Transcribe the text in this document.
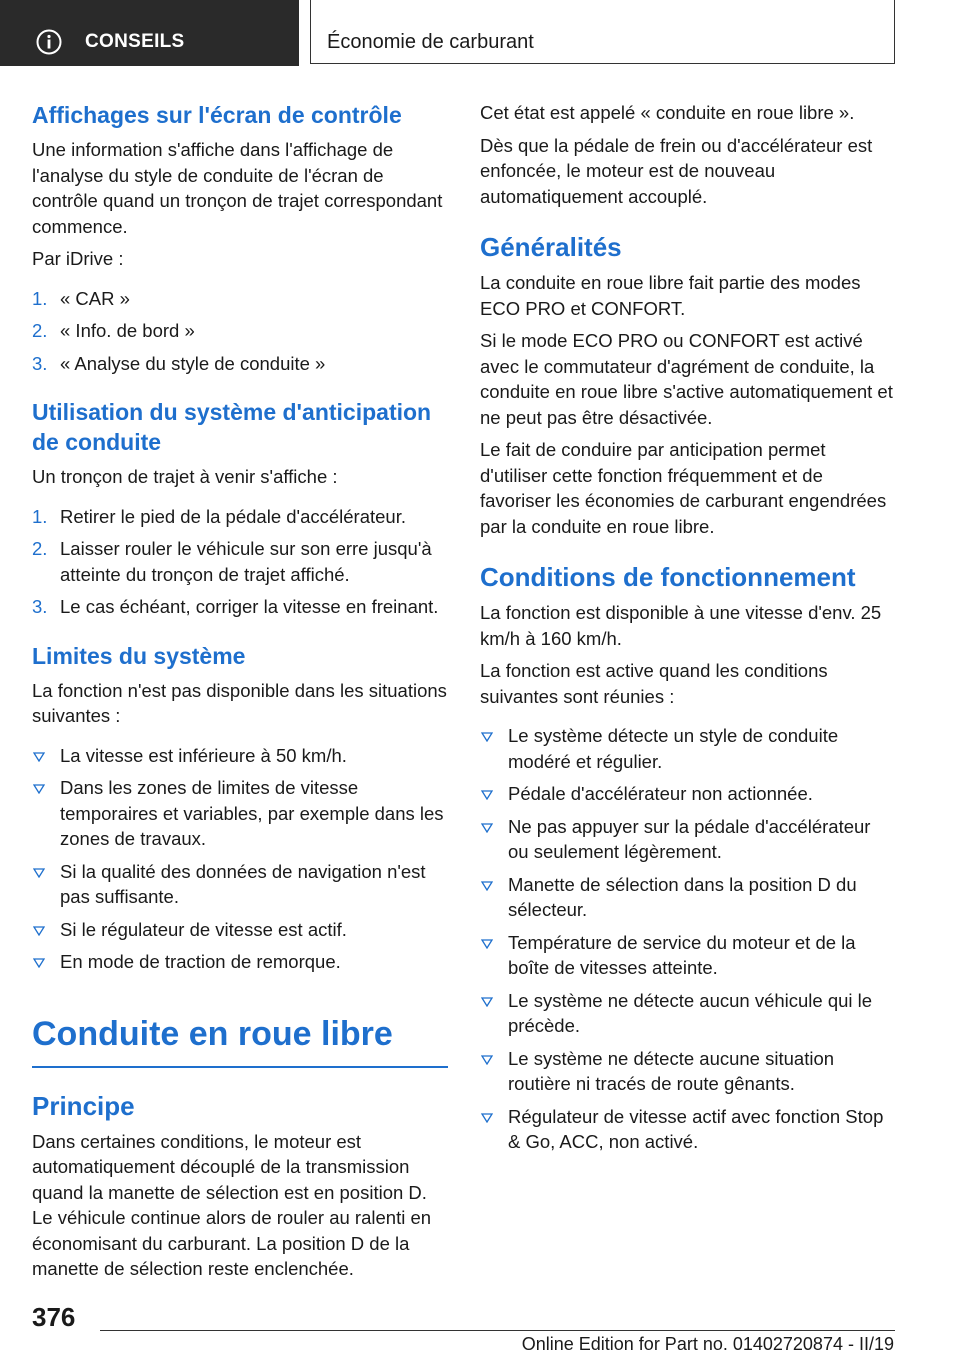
CONSEILS	Économie de carburant
Affichages sur l'écran de contrôle

Une information s'affiche dans l'affichage de l'analyse du style de conduite de l'écran de contrôle quand un tronçon de trajet correspondant commence.

Par iDrive :

1. « CAR »
2. « Info. de bord »
3. « Analyse du style de conduite »
Utilisation du système d'anticipation de conduite

Un tronçon de trajet à venir s'affiche :

1. Retirer le pied de la pédale d'accélérateur.
2. Laisser rouler le véhicule sur son erre jusqu'à atteinte du tronçon de trajet affiché.
3. Le cas échéant, corriger la vitesse en freinant.
Limites du système

La fonction n'est pas disponible dans les situations suivantes :

La vitesse est inférieure à 50 km/h.
Dans les zones de limites de vitesse temporaires et variables, par exemple dans les zones de travaux.
Si la qualité des données de navigation n'est pas suffisante.
Si le régulateur de vitesse est actif.
En mode de traction de remorque.
Conduite en roue libre
Principe

Dans certaines conditions, le moteur est automatiquement découplé de la transmission quand la manette de sélection est en position D. Le véhicule continue alors de rouler au ralenti en économisant du carburant. La position D de la manette de sélection reste enclenchée.

Cet état est appelé « conduite en roue libre ».

Dès que la pédale de frein ou d'accélérateur est enfoncée, le moteur est de nouveau automatiquement accouplé.

Généralités

La conduite en roue libre fait partie des modes ECO PRO et CONFORT.

Si le mode ECO PRO ou CONFORT est activé avec le commutateur d'agrément de conduite, la conduite en roue libre s'active automatiquement et ne peut pas être désactivée.

Le fait de conduire par anticipation permet d'utiliser cette fonction fréquemment et de favoriser les économies de carburant engendrées par la conduite en roue libre.

Conditions de fonctionnement

La fonction est disponible à une vitesse d'env. 25 km/h à 160 km/h.

La fonction est active quand les conditions suivantes sont réunies :

Le système détecte un style de conduite modéré et régulier.
Pédale d'accélérateur non actionnée.
Ne pas appuyer sur la pédale d'accélérateur ou seulement légèrement.
Manette de sélection dans la position D du sélecteur.
Température de service du moteur et de la boîte de vitesses atteinte.
Le système ne détecte aucun véhicule qui le précède.
Le système ne détecte aucune situation routière ni tracés de route gênants.
Régulateur de vitesse actif avec fonction Stop & Go, ACC, non activé.
376
Online Edition for Part no. 01402720874 - II/19
